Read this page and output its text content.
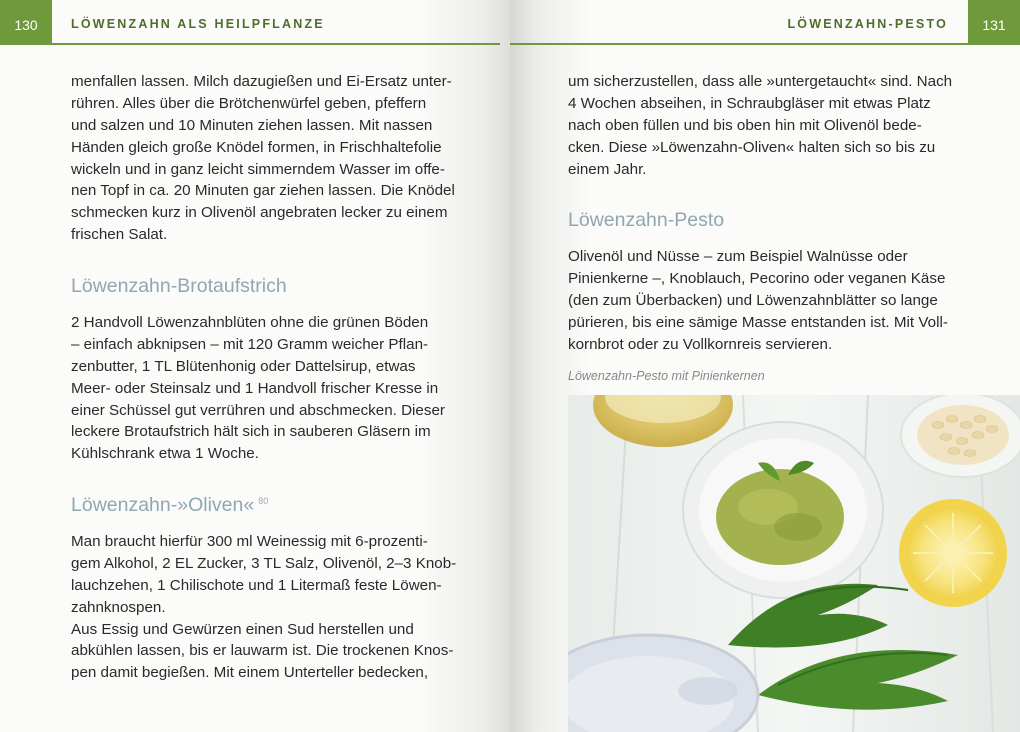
130	LÖWENZAHN ALS HEILPFLANZE
menfallen lassen. Milch dazugießen und Ei-Ersatz unter-
rühren. Alles über die Brötchenwürfel geben, pfeffern
und salzen und 10 Minuten ziehen lassen. Mit nassen
Händen gleich große Knödel formen, in Frischhaltefolie
wickeln und in ganz leicht simmerndem Wasser im offe-
nen Topf in ca. 20 Minuten gar ziehen lassen. Die Knödel
schmecken kurz in Olivenöl angebraten lecker zu einem
frischen Salat.
Löwenzahn-Brotaufstrich
2 Handvoll Löwenzahnblüten ohne die grünen Böden
– einfach abknipsen – mit 120 Gramm weicher Pflan-
zenbutter, 1 TL Blütenhonig oder Dattelsirup, etwas
Meer- oder Steinsalz und 1 Handvoll frischer Kresse in
einer Schüssel gut verrühren und abschmecken. Dieser
leckere Brotaufstrich hält sich in sauberen Gläsern im
Kühlschrank etwa 1 Woche.
Löwenzahn-»Oliven« $^{80}$
Man braucht hierfür 300 ml Weinessig mit 6-prozenti-
gem Alkohol, 2 EL Zucker, 3 TL Salz, Olivenöl, 2–3 Knob-
lauchzehen, 1 Chilischote und 1 Litermaß feste Löwen-
zahnknospen.
Aus Essig und Gewürzen einen Sud herstellen und
abkühlen lassen, bis er lauwarm ist. Die trockenen Knos-
pen damit begießen. Mit einem Unterteller bedecken,
131
LÖWENZAHN-PESTO
um sicherzustellen, dass alle »untergetaucht« sind. Nach
4 Wochen abseihen, in Schraubgläser mit etwas Platz
nach oben füllen und bis oben hin mit Olivenöl bede-
cken. Diese »Löwenzahn-Oliven« halten sich so bis zu
einem Jahr.
Löwenzahn-Pesto
Olivenöl und Nüsse – zum Beispiel Walnüsse oder
Pinienkerne –, Knoblauch, Pecorino oder veganen Käse
(den zum Überbacken) und Löwenzahnblätter so lange
pürieren, bis eine sämige Masse entstanden ist. Mit Voll-
kornbrot oder zu Vollkornreis servieren.
Löwenzahn-Pesto mit Pinienkernen
